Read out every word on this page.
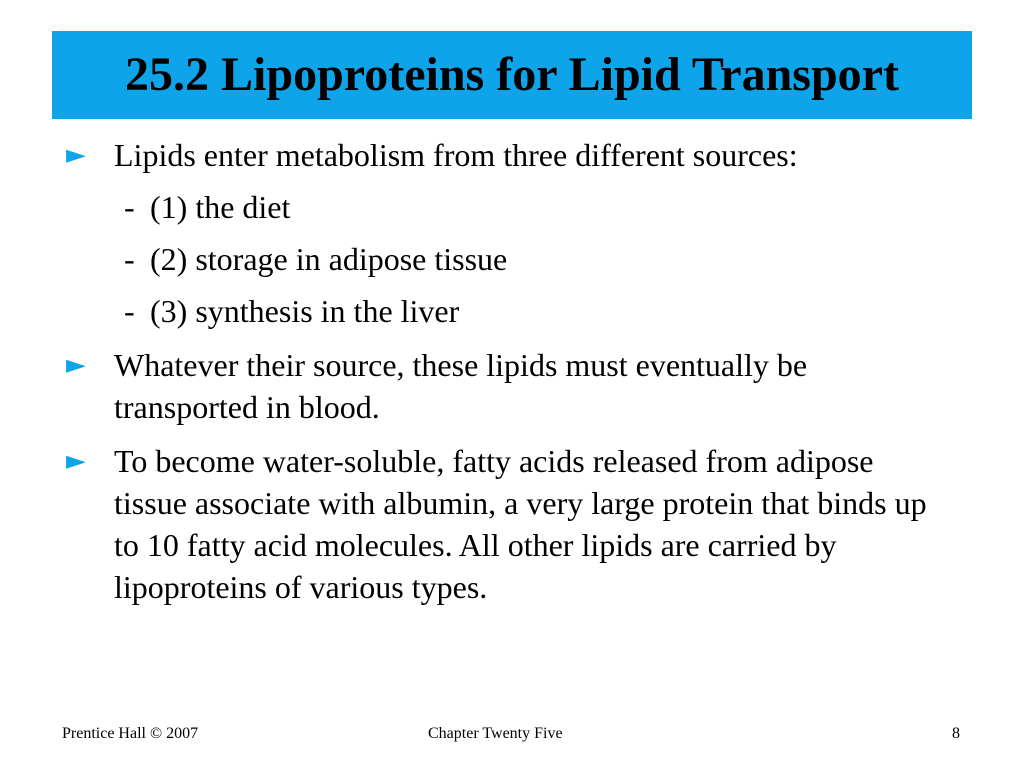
25.2 Lipoproteins for Lipid Transport
► Lipids enter metabolism from three different sources:
- (1) the diet
- (2) storage in adipose tissue
- (3) synthesis in the liver
► Whatever their source, these lipids must eventually be transported in blood.
► To become water-soluble, fatty acids released from adipose tissue associate with albumin, a very large protein that binds up to 10 fatty acid molecules. All other lipids are carried by lipoproteins of various types.
Prentice Hall © 2007	Chapter Twenty Five	8
